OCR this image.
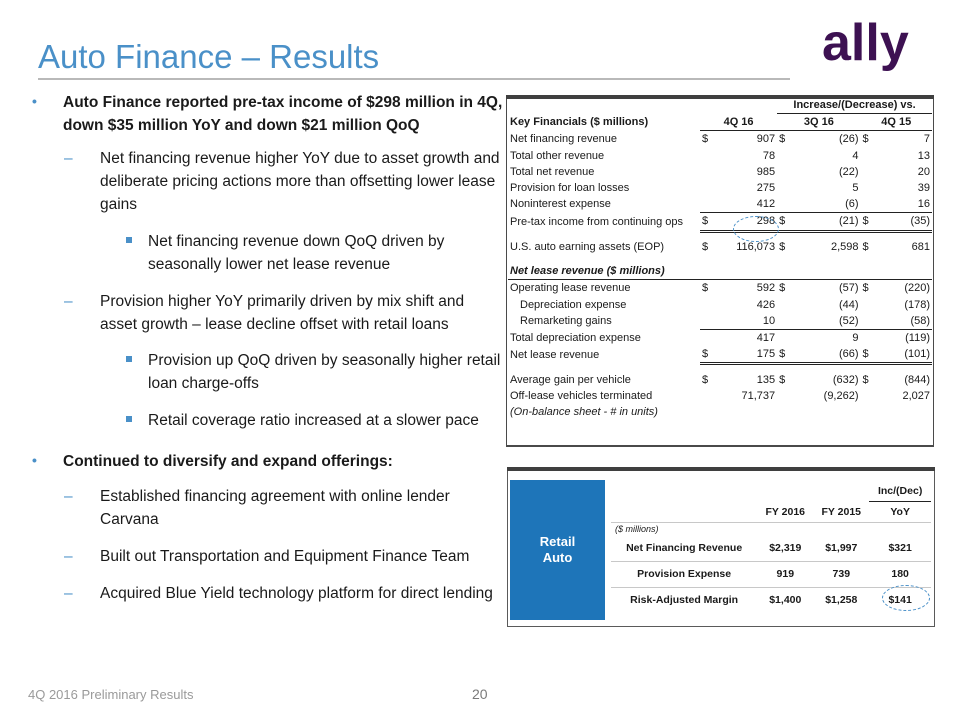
Auto Finance – Results	ally
• Auto Finance reported pre-tax income of $298 million in 4Q, down $35 million YoY and down $21 million QoQ
– Net financing revenue higher YoY due to asset growth and deliberate pricing actions more than offsetting lower lease gains
Net financing revenue down QoQ driven by seasonally lower net lease revenue
– Provision higher YoY primarily driven by mix shift and asset growth – lease decline offset with retail loans
Provision up QoQ driven by seasonally higher retail loan charge-offs
Retail coverage ratio increased at a slower pace
• Continued to diversify and expand offerings:
– Established financing agreement with online lender Carvana
– Built out Transportation and Equipment Finance Team
– Acquired Blue Yield technology platform for direct lending
			Increase/(Decrease) vs.			
Key Financials ($ millions)	4Q 16		3Q 16		4Q 15	
Net financing revenue	$	907	$	(26)	$	7
Total other revenue		78		4		13
Total net revenue		985		(22)		20
Provision for loan losses		275		5		39
Noninterest expense		412		(6)		16
Pre-tax income from continuing ops	$	298	$	(21)	$	(35)

U.S. auto earning assets (EOP)	$	116,073	$	2,598	$	681

Net lease revenue ($ millions)						
Operating lease revenue	$	592	$	(57)	$	(220)
Depreciation expense		426		(44)		(178)
Remarketing gains		10		(52)		(58)
Total depreciation expense		417		9		(119)
Net lease revenue	$	175	$	(66)	$	(101)

Average gain per vehicle	$	135	$	(632)	$	(844)
Off-lease vehicles terminated		71,737		(9,262)		2,027
(On-balance sheet - # in units)						
Retail
Auto
			Inc/(Dec)
	FY 2016	FY 2015	YoY
($ millions)			
Net Financing Revenue	$2,319	$1,997	$321
Provision Expense	919	739	180
Risk-Adjusted Margin	$1,400	$1,258	$141
4Q 2016 Preliminary Results	20
